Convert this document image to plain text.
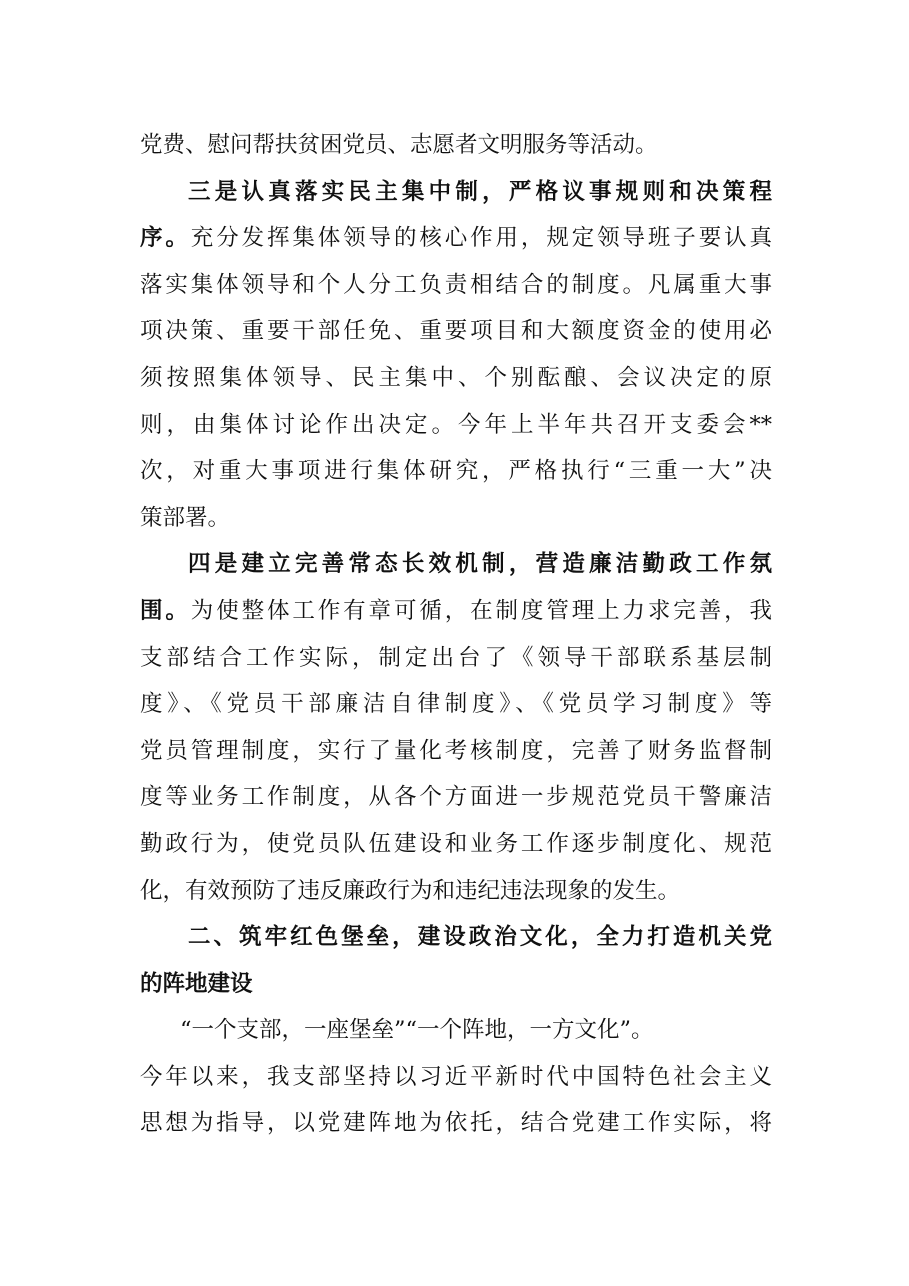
党费、慰问帮扶贫困党员、志愿者文明服务等活动。
三是认真落实民主集中制，严格议事规则和决策程
序。充分发挥集体领导的核心作用，规定领导班子要认真
落实集体领导和个人分工负责相结合的制度。凡属重大事
项决策、重要干部任免、重要项目和大额度资金的使用必
须按照集体领导、民主集中、个别酝酿、会议决定的原
则，由集体讨论作出决定。今年上半年共召开支委会**
次，对重大事项进行集体研究，严格执行“三重一大”决
策部署。
四是建立完善常态长效机制，营造廉洁勤政工作氛
围。为使整体工作有章可循，在制度管理上力求完善，我
支部结合工作实际，制定出台了《领导干部联系基层制
度》、《党员干部廉洁自律制度》、《党员学习制度》等
党员管理制度，实行了量化考核制度，完善了财务监督制
度等业务工作制度，从各个方面进一步规范党员干警廉洁
勤政行为，使党员队伍建设和业务工作逐步制度化、规范
化，有效预防了违反廉政行为和违纪违法现象的发生。
二、筑牢红色堡垒，建设政治文化，全力打造机关党
的阵地建设
“一个支部，一座堡垒”“一个阵地，一方文化”。
今年以来，我支部坚持以习近平新时代中国特色社会主义
思想为指导，以党建阵地为依托，结合党建工作实际，将
